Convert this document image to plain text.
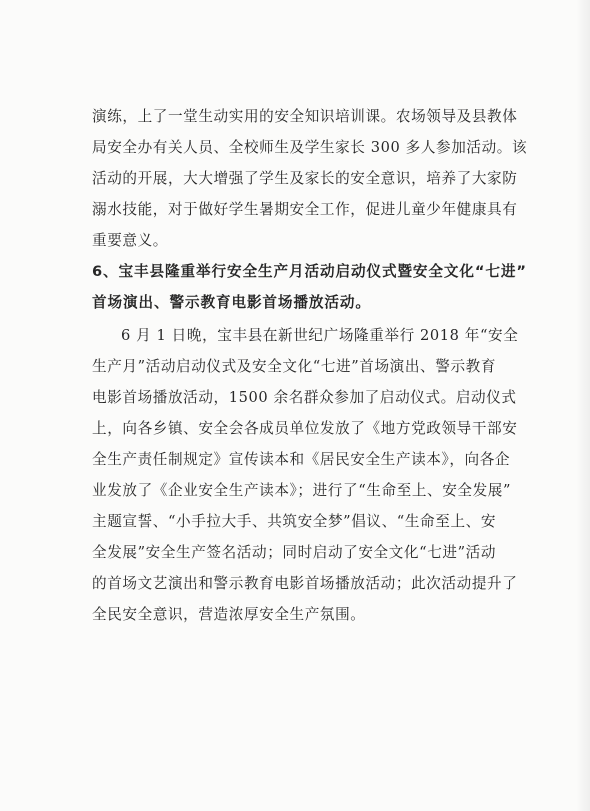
演练，上了一堂生动实用的安全知识培训课。农场领导及县教体
局安全办有关人员、全校师生及学生家长 300 多人参加活动。该
活动的开展，大大增强了学生及家长的安全意识，培养了大家防
溺水技能，对于做好学生暑期安全工作，促进儿童少年健康具有
重要意义。
6、宝丰县隆重举行安全生产月活动启动仪式暨安全文化“七进”
首场演出、警示教育电影首场播放活动。
6 月 1 日晚，宝丰县在新世纪广场隆重举行 2018 年“安全
生产月”活动启动仪式及安全文化“七进”首场演出、警示教育
电影首场播放活动，1500 余名群众参加了启动仪式。启动仪式
上，向各乡镇、安全会各成员单位发放了《地方党政领导干部安
全生产责任制规定》宣传读本和《居民安全生产读本》，向各企
业发放了《企业安全生产读本》；进行了“生命至上、安全发展”
主题宣誓、“小手拉大手、共筑安全梦”倡议、“生命至上、安
全发展”安全生产签名活动；同时启动了安全文化“七进”活动
的首场文艺演出和警示教育电影首场播放活动；此次活动提升了
全民安全意识，营造浓厚安全生产氛围。
